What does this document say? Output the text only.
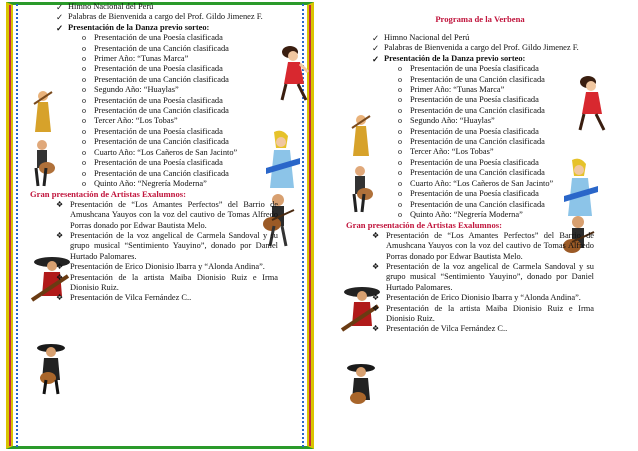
✓ Himno Nacional del Perú
✓ Palabras de Bienvenida a cargo del Prof. Gildo Jimenez F.
✓ Presentación de la Danza previo sorteo:
o Presentación de una Poesía clasificada
o Presentación de una Canción clasificada
o Primer Año: “Tunas Marca”
o Presentación de una Poesía clasificada
o Presentación de una Canción clasificada
o Segundo Año: “Huaylas”
o Presentación de una Poesía clasificada
o Presentación de una Canción clasificada
o Tercer Año: “Los Tobas”
o Presentación de una Poesía clasificada
o Presentación de una Canción clasificada
o Cuarto Año: “Los Cañeros de San Jacinto”
o Presentación de una Poesía clasificada
o Presentación de una Canción clasificada
o Quinto Año: “Negrería Moderna”
Gran presentación de Artistas Exalumnos:
❖ Presentación de “Los Amantes Perfectos” del Barrio de Amushcana Yauyos con la voz del cautivo de Tomas Alfredo Porras donado por Edwar Bautista Melo.
❖ Presentación de la voz angelical de Carmela Sandoval y su grupo musical “Sentimiento Yauyino”, donado por Daniel Hurtado Palomares.
❖ Presentación de Erico Dionisio Ibarra y “Alonda Andina”.
❖ Presentación de la artista Maiba Dionisio Ruiz e Irma Dionisio Ruiz.
❖ Presentación de Vilca Fernández C..
Programa de la Verbena
✓ Himno Nacional del Perú
✓ Palabras de Bienvenida a cargo del Prof. Gildo Jimenez F.
✓ Presentación de la Danza previo sorteo:
o Presentación de una Poesía clasificada
o Presentación de una Canción clasificada
o Primer Año: “Tunas Marca”
o Presentación de una Poesía clasificada
o Presentación de una Canción clasificada
o Segundo Año: “Huaylas”
o Presentación de una Poesía clasificada
o Presentación de una Canción clasificada
o Tercer Año: “Los Tobas”
o Presentación de una Poesía clasificada
o Presentación de una Canción clasificada
o Cuarto Año: “Los Cañeros de San Jacinto”
o Presentación de una Poesía clasificada
o Presentación de una Canción clasificada
o Quinto Año: “Negrería Moderna”
Gran presentación de Artistas Exalumnos:
❖ Presentación de “Los Amantes Perfectos” del Barrio de Amushcana Yauyos con la voz del cautivo de Tomas Alfredo Porras donado por Edwar Bautista Melo.
❖ Presentación de la voz angelical de Carmela Sandoval y su grupo musical “Sentimiento Yauyino”, donado por Daniel Hurtado Palomares.
❖ Presentación de Erico Dionisio Ibarra y “Alonda Andina”.
❖ Presentación de la artista Maiba Dionisio Ruiz e Irma Dionisio Ruiz.
❖ Presentación de Vilca Fernández C..
